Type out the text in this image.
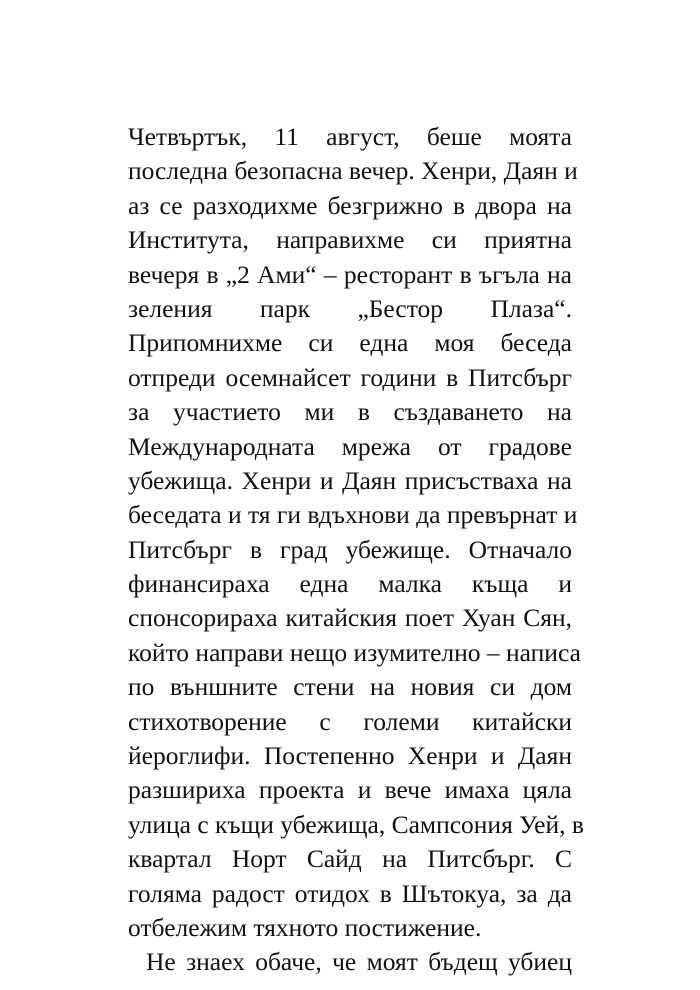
Четвъртък, 11 август, беше моята
последна безопасна вечер. Хенри, Даян и
аз се разходихме безгрижно в двора на
Института, направихме си приятна
вечеря в „2 Ами“ – ресторант в ъгъла на
зеления парк „Бестор Плаза“.
Припомнихме си една моя беседа
отпреди осемнайсет години в Питсбърг
за участието ми в създаването на
Международната мрежа от градове
убежища. Хенри и Даян присъстваха на
беседата и тя ги вдъхнови да превърнат и
Питсбърг в град убежище. Отначало
финансираха една малка къща и
спонсорираха китайския поет Хуан Сян,
който направи нещо изумително – написа
по външните стени на новия си дом
стихотворение с големи китайски
йероглифи. Постепенно Хенри и Даян
разшириха проекта и вече имаха цяла
улица с къщи убежища, Сампсония Уей, в
квартал Норт Сайд на Питсбърг. С
голяма радост отидох в Шътокуа, за да
отбележим тяхното постижение.
Не знаех обаче, че моят бъдещ убиец
